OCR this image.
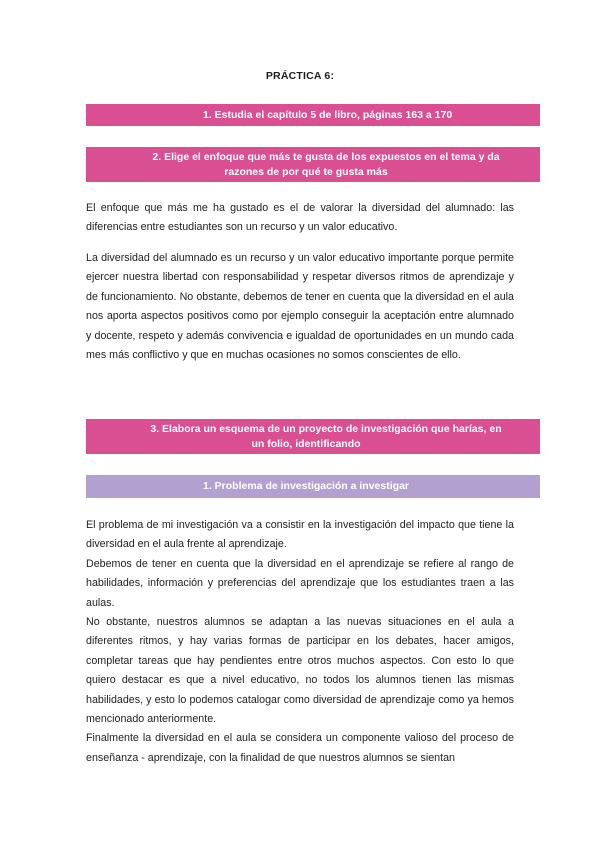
PRÁCTICA 6:
1. Estudia el capítulo 5 de libro, páginas 163 a 170
2. Elige el enfoque que más te gusta de los expuestos en el tema y da
razones de por qué te gusta más

El enfoque que más me ha gustado es el de valorar la diversidad del alumnado: las diferencias entre estudiantes son un recurso y un valor educativo.

La diversidad del alumnado es un recurso y un valor educativo importante porque permite ejercer nuestra libertad con responsabilidad y respetar diversos ritmos de aprendizaje y de funcionamiento. No obstante, debemos de tener en cuenta que la diversidad en el aula nos aporta aspectos positivos como por ejemplo conseguir la aceptación entre alumnado y docente, respeto y además convivencia e igualdad de oportunidades en un mundo cada mes más conflictivo y que en muchas ocasiones no somos conscientes de ello.

3. Elabora un esquema de un proyecto de investigación que harías, en
un folio, identificando
1. Problema de investigación a investigar

El problema de mi investigación va a consistir en la investigación del impacto que tiene la diversidad en el aula frente al aprendizaje.

Debemos de tener en cuenta que la diversidad en el aprendizaje se refiere al rango de habilidades, información y preferencias del aprendizaje que los estudiantes traen a las aulas.

No obstante, nuestros alumnos se adaptan a las nuevas situaciones en el aula a diferentes ritmos, y hay varias formas de participar en los debates, hacer amigos, completar tareas que hay pendientes entre otros muchos aspectos. Con esto lo que quiero destacar es que a nivel educativo, no todos los alumnos tienen las mismas habilidades, y esto lo podemos catalogar como diversidad de aprendizaje como ya hemos mencionado anteriormente.

Finalmente la diversidad en el aula se considera un componente valioso del proceso de enseñanza - aprendizaje, con la finalidad de que nuestros alumnos se sientan
